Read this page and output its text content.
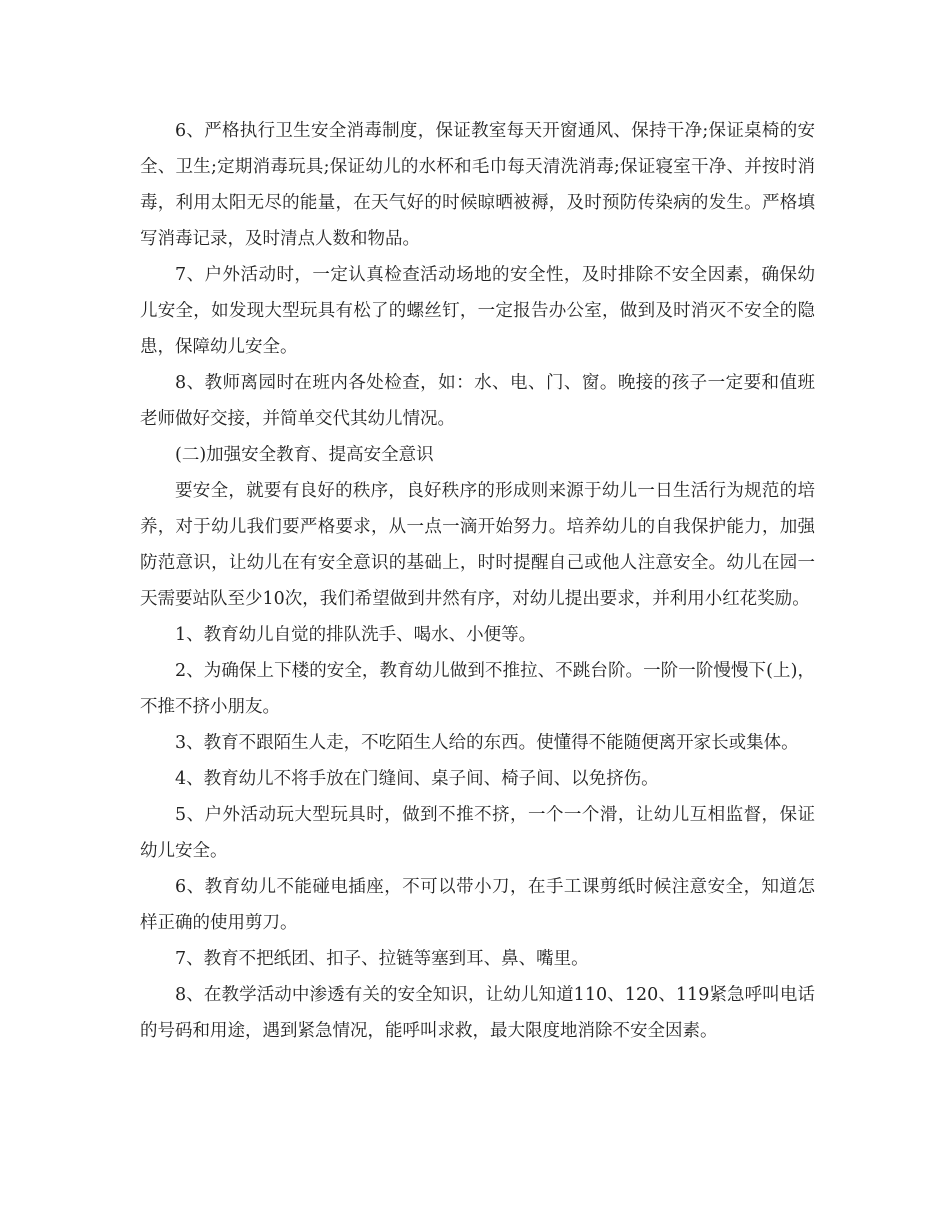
6、严格执行卫生安全消毒制度，保证教室每天开窗通风、保持干净;保证桌椅的安全、卫生;定期消毒玩具;保证幼儿的水杯和毛巾每天清洗消毒;保证寝室干净、并按时消毒，利用太阳无尽的能量，在天气好的时候晾晒被褥，及时预防传染病的发生。严格填写消毒记录，及时清点人数和物品。

7、户外活动时，一定认真检查活动场地的安全性，及时排除不安全因素，确保幼儿安全，如发现大型玩具有松了的螺丝钉，一定报告办公室，做到及时消灭不安全的隐患，保障幼儿安全。

8、教师离园时在班内各处检查，如：水、电、门、窗。晚接的孩子一定要和值班老师做好交接，并简单交代其幼儿情况。

(二)加强安全教育、提高安全意识

要安全，就要有良好的秩序，良好秩序的形成则来源于幼儿一日生活行为规范的培养，对于幼儿我们要严格要求，从一点一滴开始努力。培养幼儿的自我保护能力，加强防范意识，让幼儿在有安全意识的基础上，时时提醒自己或他人注意安全。幼儿在园一天需要站队至少10次，我们希望做到井然有序，对幼儿提出要求，并利用小红花奖励。

1、教育幼儿自觉的排队洗手、喝水、小便等。

2、为确保上下楼的安全，教育幼儿做到不推拉、不跳台阶。一阶一阶慢慢下(上)，不推不挤小朋友。

3、教育不跟陌生人走，不吃陌生人给的东西。使懂得不能随便离开家长或集体。

4、教育幼儿不将手放在门缝间、桌子间、椅子间、以免挤伤。

5、户外活动玩大型玩具时，做到不推不挤，一个一个滑，让幼儿互相监督，保证幼儿安全。

6、教育幼儿不能碰电插座，不可以带小刀，在手工课剪纸时候注意安全，知道怎样正确的使用剪刀。

7、教育不把纸团、扣子、拉链等塞到耳、鼻、嘴里。

8、在教学活动中渗透有关的安全知识，让幼儿知道110、120、119紧急呼叫电话的号码和用途，遇到紧急情况，能呼叫求救，最大限度地消除不安全因素。
